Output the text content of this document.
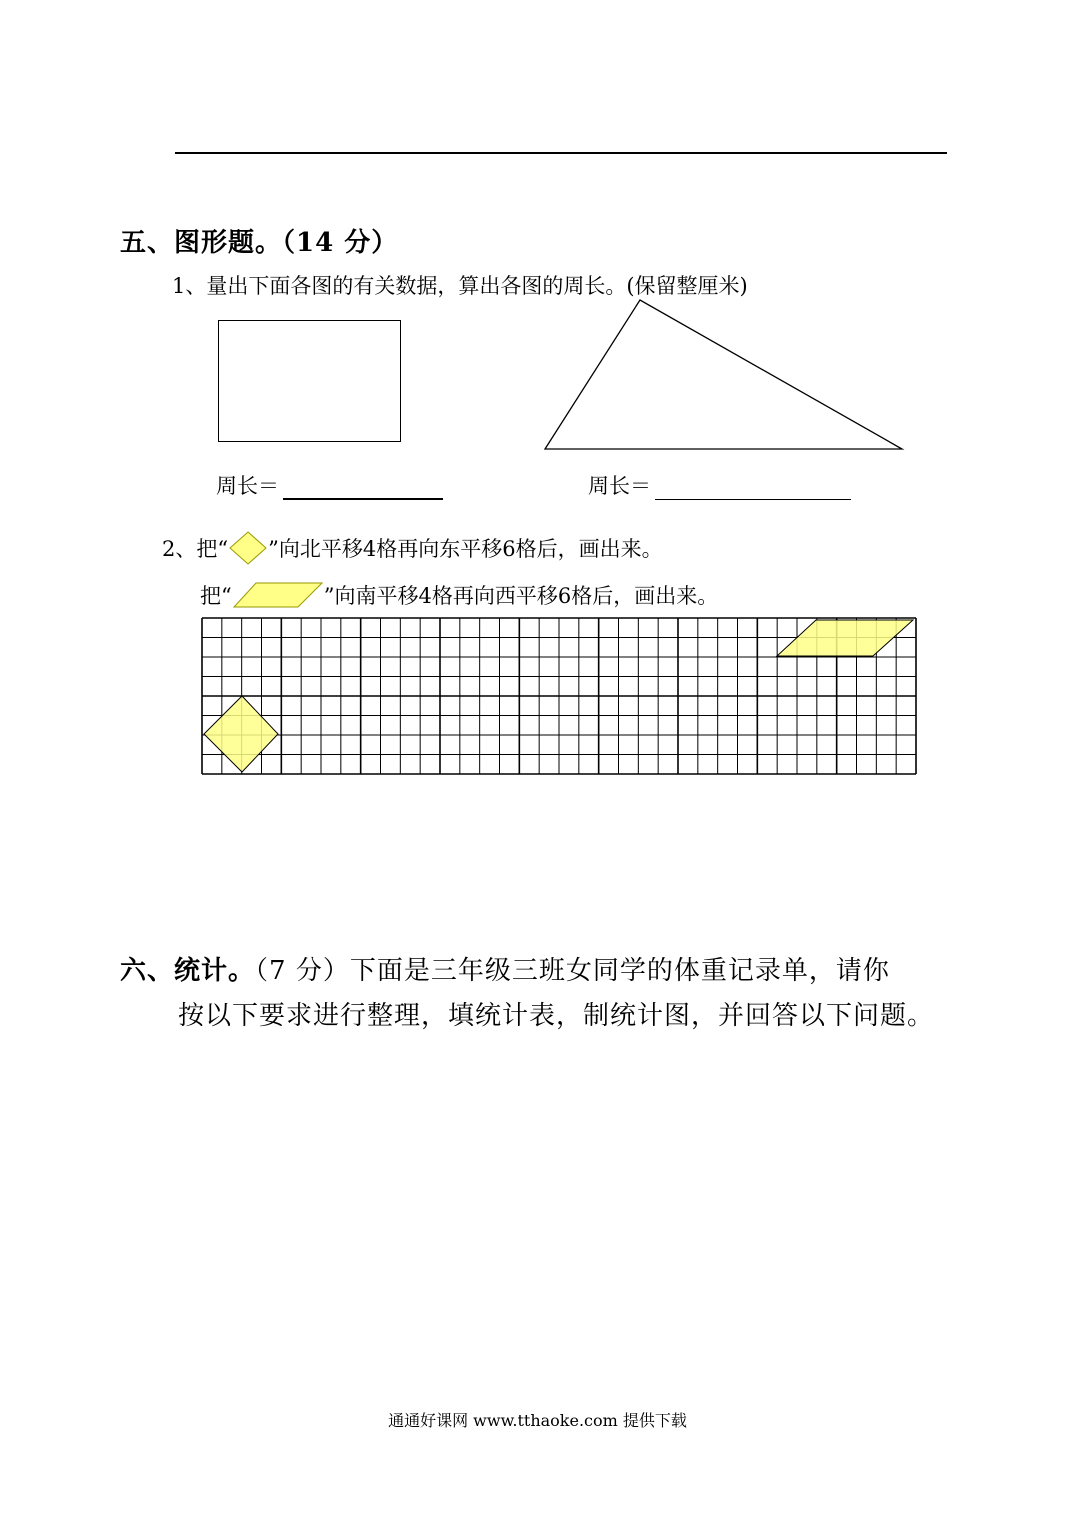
五、图形题。（14 分）
1、量出下面各图的有关数据，算出各图的周长。(保留整厘米)
周长＝	周长＝
2、把“ ”向北平移4格再向东平移6格后，画出来。
把“	”向南平移4格再向西平移6格后，画出来。
六、统计。（7 分）下面是三年级三班女同学的体重记录单，请你
按以下要求进行整理，填统计表，制统计图，并回答以下问题。
通通好课网 www.tthaoke.com 提供下载
